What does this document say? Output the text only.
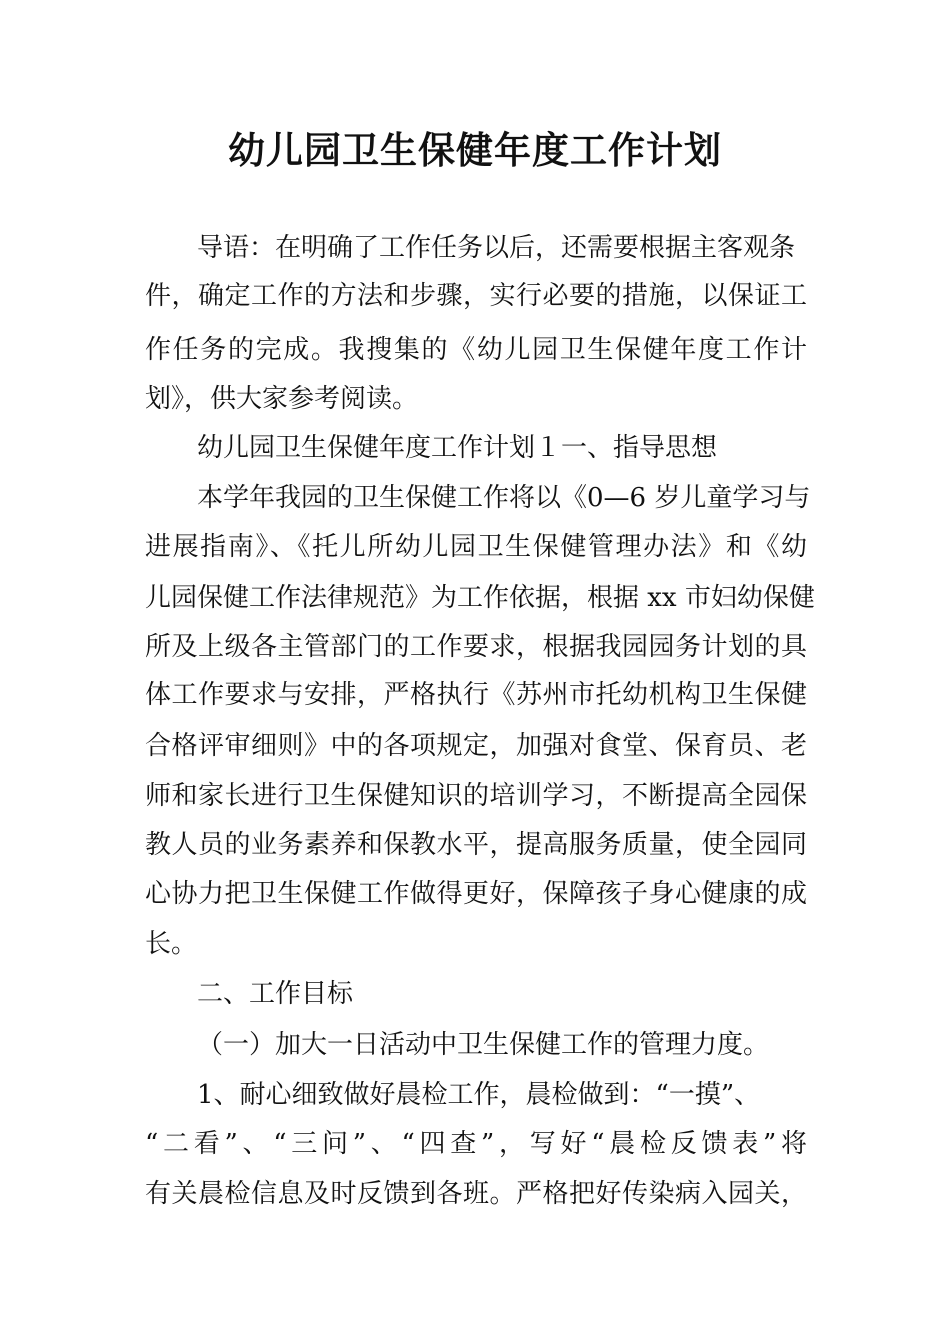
幼儿园卫生保健年度工作计划
导语：在明确了工作任务以后，还需要根据主客观条
件，确定工作的方法和步骤，实行必要的措施，以保证工
作任务的完成。我搜集的《幼儿园卫生保健年度工作计
划》，供大家参考阅读。
幼儿园卫生保健年度工作计划１一、指导思想
本学年我园的卫生保健工作将以《0—6 岁儿童学习与
进展指南》、《托儿所幼儿园卫生保健管理办法》和《幼
儿园保健工作法律规范》为工作依据，根据 xx 市妇幼保健
所及上级各主管部门的工作要求，根据我园园务计划的具
体工作要求与安排，严格执行《苏州市托幼机构卫生保健
合格评审细则》中的各项规定，加强对食堂、保育员、老
师和家长进行卫生保健知识的培训学习，不断提高全园保
教人员的业务素养和保教水平，提高服务质量，使全园同
心协力把卫生保健工作做得更好，保障孩子身心健康的成
长。
二、工作目标
（一）加大一日活动中卫生保健工作的管理力度。
1、耐心细致做好晨检工作，晨检做到：“一摸”、
“二看”、“三问”、“四查”，写好“晨检反馈表”将
有关晨检信息及时反馈到各班。严格把好传染病入园关，
